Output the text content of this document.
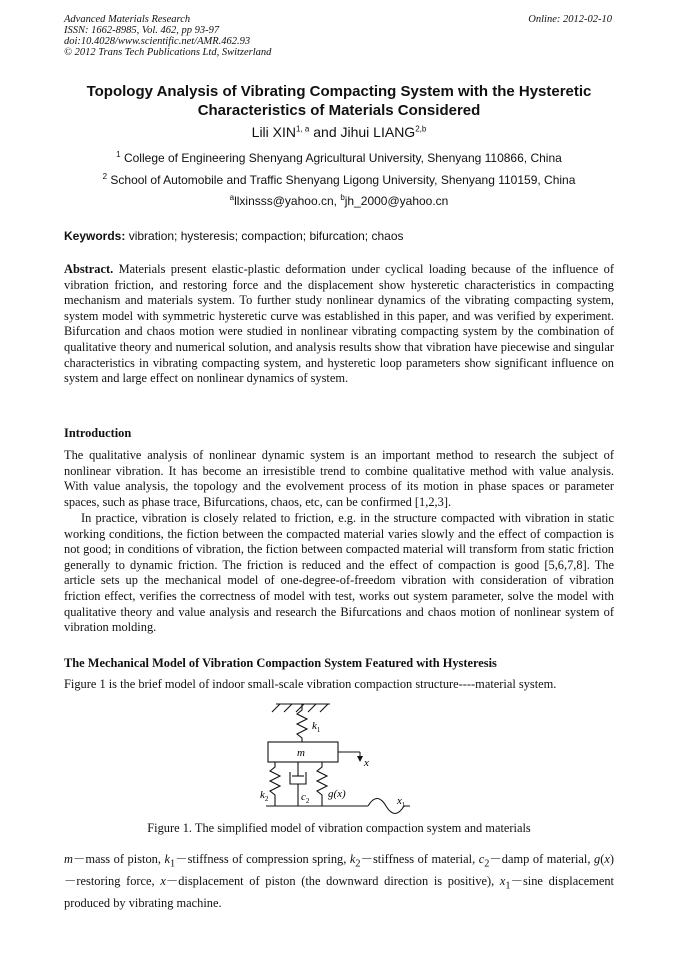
Advanced Materials Research
ISSN: 1662-8985, Vol. 462, pp 93-97
doi:10.4028/www.scientific.net/AMR.462.93
© 2012 Trans Tech Publications Ltd, Switzerland
Online: 2012-02-10
Topology Analysis of Vibrating Compacting System with the Hysteretic
Characteristics of Materials Considered
Lili XIN$^{1, a}$ and Jihui LIANG$^{2,b}$
$^1$ College of Engineering Shenyang Agricultural University, Shenyang 110866, China
$^2$ School of Automobile and Traffic Shenyang Ligong University, Shenyang 110159, China
$^a$llxinsss@yahoo.cn, $^b$jh_2000@yahoo.cn
Keywords: vibration; hysteresis; compaction; bifurcation; chaos
Abstract. Materials present elastic-plastic deformation under cyclical loading because of the influence of vibration friction, and restoring force and the displacement show hysteretic characteristics in compacting mechanism and materials system. To further study nonlinear dynamics of the vibrating compacting system, system model with symmetric hysteretic curve was established in this paper, and was verified by experiment. Bifurcation and chaos motion were studied in nonlinear vibrating compacting system by the combination of qualitative theory and numerical solution, and analysis results show that vibration have piecewise and singular characteristics in vibrating compacting system, and hysteretic loop parameters show significant influence on system and large effect on nonlinear dynamics of system.
Introduction
The qualitative analysis of nonlinear dynamic system is an important method to research the subject of nonlinear vibration. It has become an irresistible trend to combine qualitative method with value analysis. With value analysis, the topology and the evolvement process of its motion in phase spaces or parameter spaces, such as phase trace, Bifurcations, chaos, etc, can be confirmed [1,2,3].
In practice, vibration is closely related to friction, e.g. in the structure compacted with vibration in static working conditions, the fiction between the compacted material varies slowly and the effect of compaction is not good; in conditions of vibration, the fiction between compacted material will transform from static friction generally to dynamic friction. The friction is reduced and the effect of compaction is good [5,6,7,8]. The article sets up the mechanical model of one-degree-of-freedom vibration with consideration of vibration friction effect, verifies the correctness of model with test, works out system parameter, solve the model with qualitative theory and value analysis and research the Bifurcations and chaos motion of nonlinear system of vibration molding.
The Mechanical Model of Vibration Compaction System Featured with Hysteresis
Figure 1 is the brief model of indoor small-scale vibration compaction structure----material system.
$k_1$
m
x
$k_2$	$c_2$
g(x)
$x_1$
Figure 1. The simplified model of vibration compaction system and materials
m－mass of piston, $k_1-stiffness$ of compression spring, $k_2-stiffness$ of material, $c_2-damp$ of material, g(x)－restoring force, x－displacement of piston (the downward direction is positive), $x_1-\sin e$ displacement produced by vibrating machine.
